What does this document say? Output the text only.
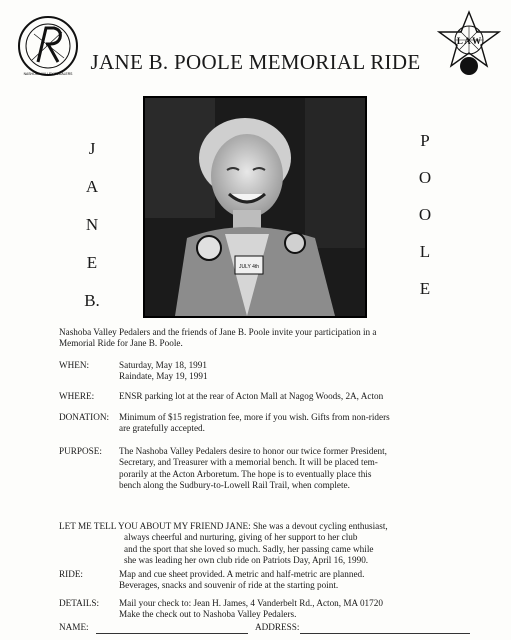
NASHOBA VALLEY PEDALERS
L A W
JANE B. POOLE MEMORIAL RIDE
J
A
N
E
B.
P
O
O
L
E
JULY 4th
Nashoba Valley Pedalers and the friends of Jane B. Poole invite your participation in a
Memorial Ride for Jane B. Poole.
WHEN:	Saturday, May 18, 1991
Raindate, May 19, 1991
WHERE:	ENSR parking lot at the rear of Acton Mall at Nagog Woods, 2A, Acton
DONATION: Minimum of $15 registration fee, more if you wish. Gifts from non-riders
are gratefully accepted.
PURPOSE: The Nashoba Valley Pedalers desire to honor our twice former President,
Secretary, and Treasurer with a memorial bench. It will be placed tem-
porarily at the Acton Arboretum. The hope is to eventually place this
bench along the Sudbury-to-Lowell Rail Trail, when complete.
LET ME TELL YOU ABOUT MY FRIEND JANE: She was a devout cycling enthusiast,
always cheerful and nurturing, giving of her support to her club
and the sport that she loved so much. Sadly, her passing came while
she was leading her own club ride on Patriots Day, April 16, 1990.
RIDE:	Map and cue sheet provided. A metric and half-metric are planned.
Beverages, snacks and souvenir of ride at the starting point.
DETAILS: Mail your check to: Jean H. James, 4 Vanderbelt Rd., Acton, MA 01720
Make the check out to Nashoba Valley Pedalers.
NAME:	ADDRESS:
